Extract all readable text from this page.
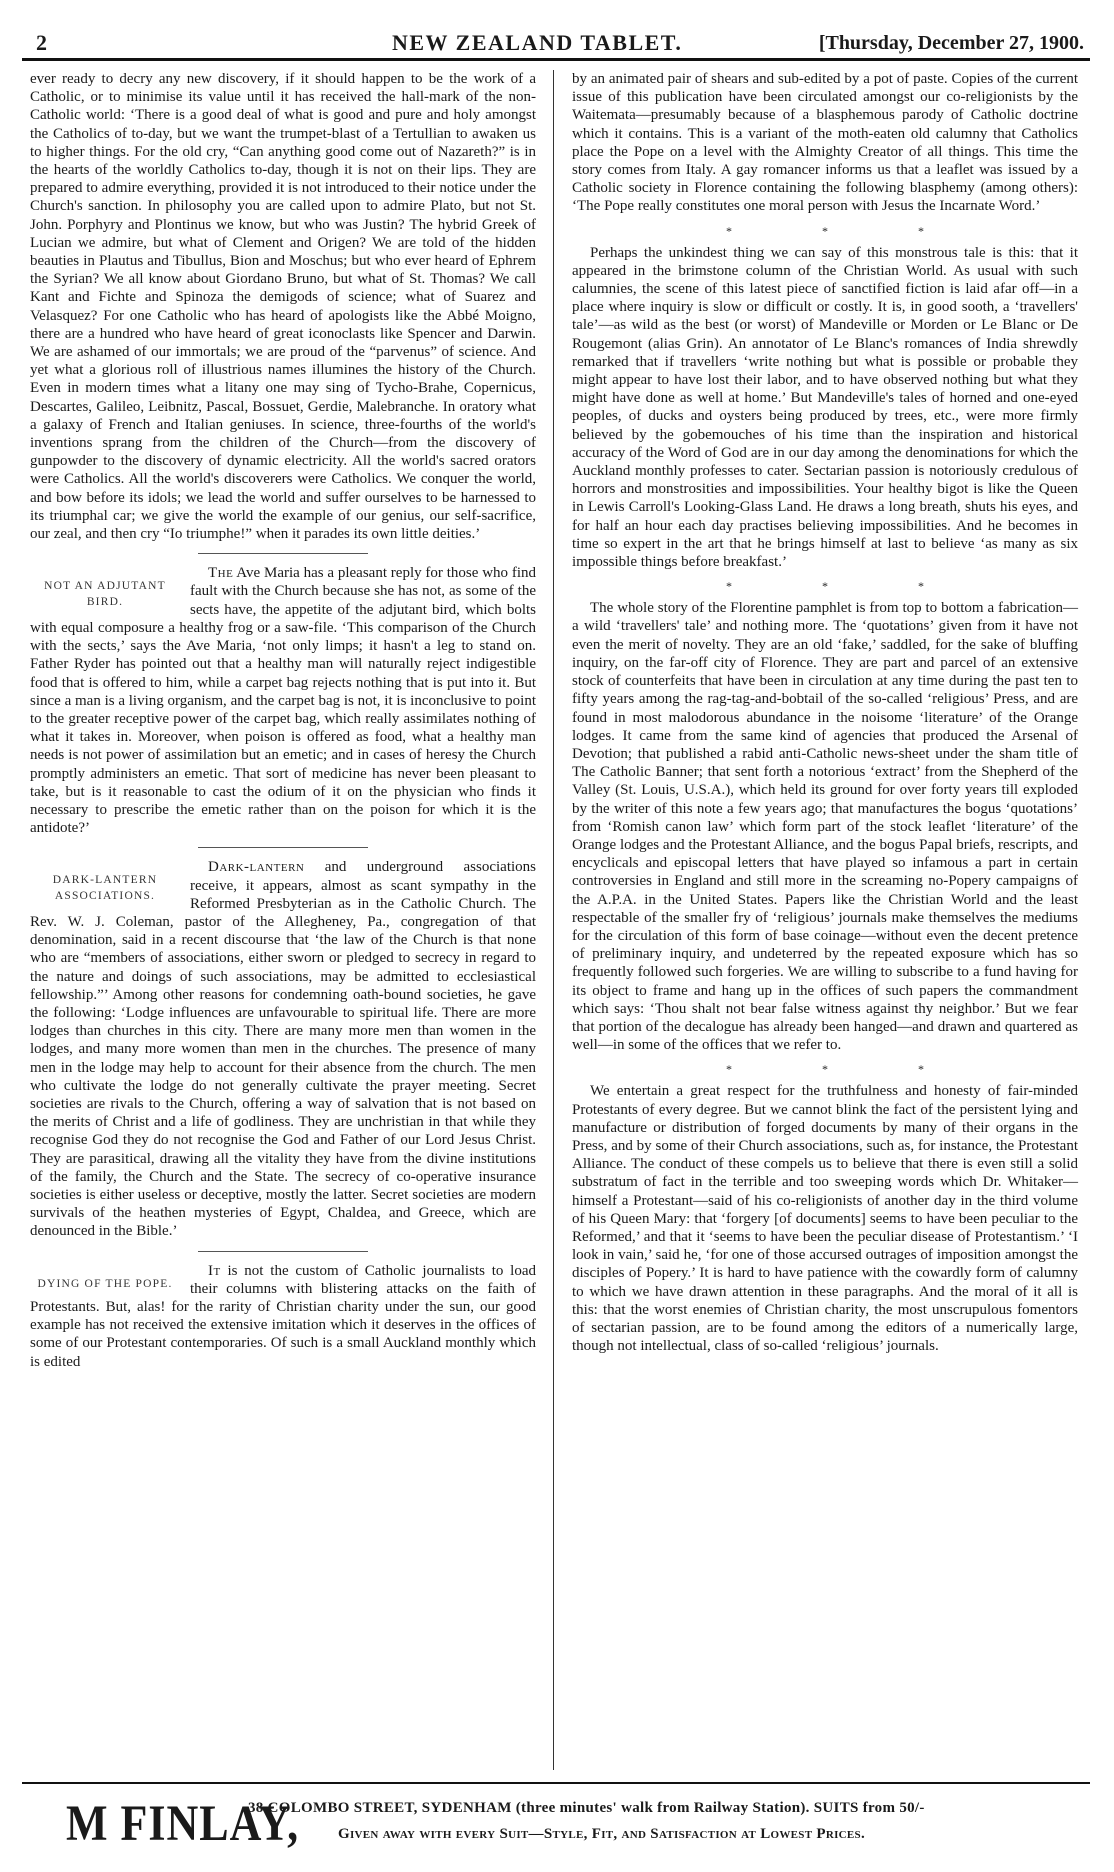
2	NEW ZEALAND TABLET.	[Thursday, December 27, 1900.

ever ready to decry any new discovery, if it should happen to be the work of a Catholic, or to minimise its value until it has received the hall-mark of the non-Catholic world: ‘There is a good deal of what is good and pure and holy amongst the Catholics of to-day, but we want the trumpet-blast of a Tertullian to awaken us to higher things. For the old cry, “Can anything good come out of Nazareth?” is in the hearts of the worldly Catholics to-day, though it is not on their lips. They are prepared to admire everything, provided it is not introduced to their notice under the Church's sanction. In philosophy you are called upon to admire Plato, but not St. John. Porphyry and Plontinus we know, but who was Justin? The hybrid Greek of Lucian we admire, but what of Clement and Origen? We are told of the hidden beauties in Plautus and Tibullus, Bion and Moschus; but who ever heard of Ephrem the Syrian? We all know about Giordano Bruno, but what of St. Thomas? We call Kant and Fichte and Spinoza the demigods of science; what of Suarez and Velasquez? For one Catholic who has heard of apologists like the Abbé Moigno, there are a hundred who have heard of great iconoclasts like Spencer and Darwin. We are ashamed of our immortals; we are proud of the “parvenus” of science. And yet what a glorious roll of illustrious names illumines the history of the Church. Even in modern times what a litany one may sing of Tycho-Brahe, Copernicus, Descartes, Galileo, Leibnitz, Pascal, Bossuet, Gerdie, Malebranche. In oratory what a galaxy of French and Italian geniuses. In science, three-fourths of the world's inventions sprang from the children of the Church—from the discovery of gunpowder to the discovery of dynamic electricity. All the world's sacred orators were Catholics. All the world's discoverers were Catholics. We conquer the world, and bow before its idols; we lead the world and suffer ourselves to be harnessed to its triumphal car; we give the world the example of our genius, our self-sacrifice, our zeal, and then cry “Io triumphe!” when it parades its own little deities.’

NOT AN ADJUTANT BIRD.

The Ave Maria has a pleasant reply for those who find fault with the Church because she has not, as some of the sects have, the appetite of the adjutant bird, which bolts with equal composure a healthy frog or a saw-file. ‘This comparison of the Church with the sects,’ says the Ave Maria, ‘not only limps; it hasn't a leg to stand on. Father Ryder has pointed out that a healthy man will naturally reject indigestible food that is offered to him, while a carpet bag rejects nothing that is put into it. But since a man is a living organism, and the carpet bag is not, it is inconclusive to point to the greater receptive power of the carpet bag, which really assimilates nothing of what it takes in. Moreover, when poison is offered as food, what a healthy man needs is not power of assimilation but an emetic; and in cases of heresy the Church promptly administers an emetic. That sort of medicine has never been pleasant to take, but is it reasonable to cast the odium of it on the physician who finds it necessary to prescribe the emetic rather than on the poison for which it is the antidote?’

DARK-LANTERN ASSOCIATIONS.

Dark-lantern and underground associations receive, it appears, almost as scant sympathy in the Reformed Presbyterian as in the Catholic Church. The Rev. W. J. Coleman, pastor of the Allegheney, Pa., congregation of that denomination, said in a recent discourse that ‘the law of the Church is that none who are “members of associations, either sworn or pledged to secrecy in regard to the nature and doings of such associations, may be admitted to ecclesiastical fellowship.”’ Among other reasons for condemning oath-bound societies, he gave the following: ‘Lodge influences are unfavourable to spiritual life. There are more lodges than churches in this city. There are many more men than women in the lodges, and many more women than men in the churches. The presence of many men in the lodge may help to account for their absence from the church. The men who cultivate the lodge do not generally cultivate the prayer meeting. Secret societies are rivals to the Church, offering a way of salvation that is not based on the merits of Christ and a life of godliness. They are unchristian in that while they recognise God they do not recognise the God and Father of our Lord Jesus Christ. They are parasitical, drawing all the vitality they have from the divine institutions of the family, the Church and the State. The secrecy of co-operative insurance societies is either useless or deceptive, mostly the latter. Secret societies are modern survivals of the heathen mysteries of Egypt, Chaldea, and Greece, which are denounced in the Bible.’

DYING OF THE POPE.

It is not the custom of Catholic journalists to load their columns with blistering attacks on the faith of Protestants. But, alas! for the rarity of Christian charity under the sun, our good example has not received the extensive imitation which it deserves in the offices of some of our Protestant contemporaries. Of such is a small Auckland monthly which is edited

by an animated pair of shears and sub-edited by a pot of paste. Copies of the current issue of this publication have been circulated amongst our co-religionists by the Waitemata—presumably because of a blasphemous parody of Catholic doctrine which it contains. This is a variant of the moth-eaten old calumny that Catholics place the Pope on a level with the Almighty Creator of all things. This time the story comes from Italy. A gay romancer informs us that a leaflet was issued by a Catholic society in Florence containing the following blasphemy (among others): ‘The Pope really constitutes one moral person with Jesus the Incarnate Word.’

***

Perhaps the unkindest thing we can say of this monstrous tale is this: that it appeared in the brimstone column of the Christian World. As usual with such calumnies, the scene of this latest piece of sanctified fiction is laid afar off—in a place where inquiry is slow or difficult or costly. It is, in good sooth, a ‘travellers' tale’—as wild as the best (or worst) of Mandeville or Morden or Le Blanc or De Rougemont (alias Grin). An annotator of Le Blanc's romances of India shrewdly remarked that if travellers ‘write nothing but what is possible or probable they might appear to have lost their labor, and to have observed nothing but what they might have done as well at home.’ But Mandeville's tales of horned and one-eyed peoples, of ducks and oysters being produced by trees, etc., were more firmly believed by the gobemouches of his time than the inspiration and historical accuracy of the Word of God are in our day among the denominations for which the Auckland monthly professes to cater. Sectarian passion is notoriously credulous of horrors and monstrosities and impossibilities. Your healthy bigot is like the Queen in Lewis Carroll's Looking-Glass Land. He draws a long breath, shuts his eyes, and for half an hour each day practises believing impossibilities. And he becomes in time so expert in the art that he brings himself at last to believe ‘as many as six impossible things before breakfast.’

***

The whole story of the Florentine pamphlet is from top to bottom a fabrication—a wild ‘travellers' tale’ and nothing more. The ‘quotations’ given from it have not even the merit of novelty. They are an old ‘fake,’ saddled, for the sake of bluffing inquiry, on the far-off city of Florence. They are part and parcel of an extensive stock of counterfeits that have been in circulation at any time during the past ten to fifty years among the rag-tag-and-bobtail of the so-called ‘religious’ Press, and are found in most malodorous abundance in the noisome ‘literature’ of the Orange lodges. It came from the same kind of agencies that produced the Arsenal of Devotion; that published a rabid anti-Catholic news-sheet under the sham title of The Catholic Banner; that sent forth a notorious ‘extract’ from the Shepherd of the Valley (St. Louis, U.S.A.), which held its ground for over forty years till exploded by the writer of this note a few years ago; that manufactures the bogus ‘quotations’ from ‘Romish canon law’ which form part of the stock leaflet ‘literature’ of the Orange lodges and the Protestant Alliance, and the bogus Papal briefs, rescripts, and encyclicals and episcopal letters that have played so infamous a part in certain controversies in England and still more in the screaming no-Popery campaigns of the A.P.A. in the United States. Papers like the Christian World and the least respectable of the smaller fry of ‘religious’ journals make themselves the mediums for the circulation of this form of base coinage—without even the decent pretence of preliminary inquiry, and undeterred by the repeated exposure which has so frequently followed such forgeries. We are willing to subscribe to a fund having for its object to frame and hang up in the offices of such papers the commandment which says: ‘Thou shalt not bear false witness against thy neighbor.’ But we fear that portion of the decalogue has already been hanged—and drawn and quartered as well—in some of the offices that we refer to.

***

We entertain a great respect for the truthfulness and honesty of fair-minded Protestants of every degree. But we cannot blink the fact of the persistent lying and manufacture or distribution of forged documents by many of their organs in the Press, and by some of their Church associations, such as, for instance, the Protestant Alliance. The conduct of these compels us to believe that there is even still a solid substratum of fact in the terrible and too sweeping words which Dr. Whitaker—himself a Protestant—said of his co-religionists of another day in the third volume of his Queen Mary: that ‘forgery [of documents] seems to have been peculiar to the Reformed,’ and that it ‘seems to have been the peculiar disease of Protestantism.’ ‘I look in vain,’ said he, ‘for one of those accursed outrages of imposition amongst the disciples of Popery.’ It is hard to have patience with the cowardly form of calumny to which we have drawn attention in these paragraphs. And the moral of it all is this: that the worst enemies of Christian charity, the most unscrupulous fomentors of sectarian passion, are to be found among the editors of a numerically large, though not intellectual, class of so-called ‘religious’ journals.

M FINLAY,
38 COLOMBO STREET, SYDENHAM (three minutes' walk from Railway Station). SUITS from 50/-
Given away with every Suit—Style, Fit, and Satisfaction at Lowest Prices.
